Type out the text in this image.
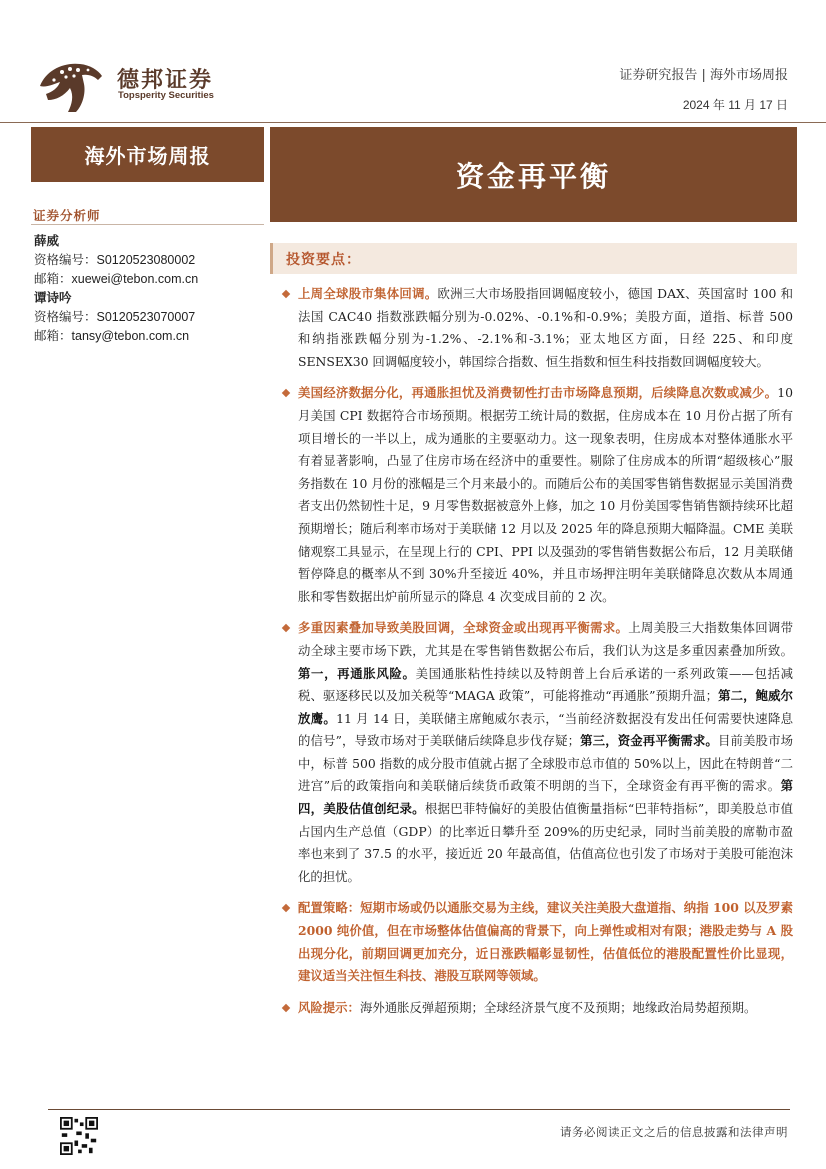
德邦证券
Topsperity Securities
证券研究报告 | 海外市场周报
2024 年 11 月 17 日
海外市场周报
资金再平衡
证券分析师
薛威
资格编号：S0120523080002
邮箱：xuewei@tebon.com.cn
谭诗吟
资格编号：S0120523070007
邮箱：tansy@tebon.com.cn
投资要点：
上周全球股市集体回调。欧洲三大市场股指回调幅度较小，德国 DAX、英国富时 100 和法国 CAC40 指数涨跌幅分别为-0.02%、-0.1%和-0.9%；美股方面，道指、标普 500 和纳指涨跌幅分别为-1.2%、-2.1%和-3.1%；亚太地区方面，日经 225、和印度 SENSEX30 回调幅度较小，韩国综合指数、恒生指数和恒生科技指数回调幅度较大。
美国经济数据分化，再通胀担忧及消费韧性打击市场降息预期，后续降息次数或减少。10 月美国 CPI 数据符合市场预期。根据劳工统计局的数据，住房成本在 10 月份占据了所有项目增长的一半以上，成为通胀的主要驱动力。这一现象表明，住房成本对整体通胀水平有着显著影响，凸显了住房市场在经济中的重要性。剔除了住房成本的所谓“超级核心”服务指数在 10 月份的涨幅是三个月来最小的。而随后公布的美国零售销售数据显示美国消费者支出仍然韧性十足，9 月零售数据被意外上修，加之 10 月份美国零售销售额持续环比超预期增长；随后利率市场对于美联储 12 月以及 2025 年的降息预期大幅降温。CME 美联储观察工具显示，在呈现上行的 CPI、PPI 以及强劲的零售销售数据公布后，12 月美联储暂停降息的概率从不到 30%升至接近 40%，并且市场押注明年美联储降息次数从本周通胀和零售数据出炉前所显示的降息 4 次变成目前的 2 次。
多重因素叠加导致美股回调，全球资金或出现再平衡需求。上周美股三大指数集体回调带动全球主要市场下跌，尤其是在零售销售数据公布后，我们认为这是多重因素叠加所致。第一，再通胀风险。美国通胀粘性持续以及特朗普上台后承诺的一系列政策——包括减税、驱逐移民以及加关税等“MAGA 政策”，可能将推动“再通胀”预期升温；第二，鲍威尔放鹰。11 月 14 日，美联储主席鲍威尔表示，“当前经济数据没有发出任何需要快速降息的信号”，导致市场对于美联储后续降息步伐存疑；第三，资金再平衡需求。目前美股市场中，标普 500 指数的成分股市值就占据了全球股市总市值的 50%以上，因此在特朗普“二进宫”后的政策指向和美联储后续货币政策不明朗的当下，全球资金有再平衡的需求。第四，美股估值创纪录。根据巴菲特偏好的美股估值衡量指标“巴菲特指标”，即美股总市值占国内生产总值（GDP）的比率近日攀升至 209%的历史纪录，同时当前美股的席勒市盈率也来到了 37.5 的水平，接近近 20 年最高值，估值高位也引发了市场对于美股可能泡沫化的担忧。
配置策略：短期市场或仍以通胀交易为主线，建议关注美股大盘道指、纳指 100 以及罗素 2000 纯价值，但在市场整体估值偏高的背景下，向上弹性或相对有限；港股走势与 A 股出现分化，前期回调更加充分，近日涨跌幅彰显韧性，估值低位的港股配置性价比显现，建议适当关注恒生科技、港股互联网等领域。
风险提示：海外通胀反弹超预期；全球经济景气度不及预期；地缘政治局势超预期。
请务必阅读正文之后的信息披露和法律声明
